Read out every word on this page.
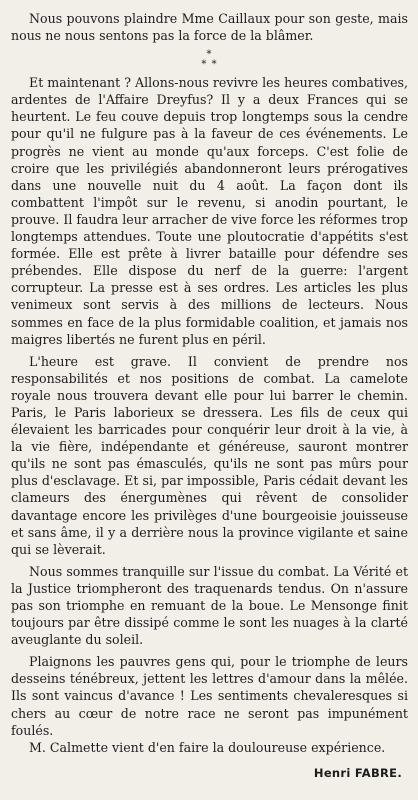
Nous pouvons plaindre Mme Caillaux pour son geste, mais nous ne nous sentons pas la force de la blâmer.

*
* *

Et maintenant ? Allons-nous revivre les heures combatives, ardentes de l'Affaire Dreyfus? Il y a deux Frances qui se heurtent. Le feu couve depuis trop longtemps sous la cendre pour qu'il ne fulgure pas à la faveur de ces événements. Le progrès ne vient au monde qu'aux forceps. C'est folie de croire que les privilégiés abandonneront leurs prérogatives dans une nouvelle nuit du 4 août. La façon dont ils combattent l'impôt sur le revenu, si anodin pourtant, le prouve. Il faudra leur arracher de vive force les réformes trop longtemps attendues. Toute une ploutocratie d'appétits s'est formée. Elle est prête à livrer bataille pour défendre ses prébendes. Elle dispose du nerf de la guerre: l'argent corrupteur. La presse est à ses ordres. Les articles les plus venimeux sont servis à des millions de lecteurs. Nous sommes en face de la plus formidable coalition, et jamais nos maigres libertés ne furent plus en péril.

L'heure est grave. Il convient de prendre nos responsabilités et nos positions de combat. La camelote royale nous trouvera devant elle pour lui barrer le chemin. Paris, le Paris laborieux se dressera. Les fils de ceux qui élevaient les barricades pour conquérir leur droit à la vie, à la vie fière, indépendante et généreuse, sauront montrer qu'ils ne sont pas émasculés, qu'ils ne sont pas mûrs pour plus d'esclavage. Et si, par impossible, Paris cédait devant les clameurs des énergumènes qui rêvent de consolider davantage encore les privilèges d'une bourgeoisie jouisseuse et sans âme, il y a derrière nous la province vigilante et saine qui se lèverait.

Nous sommes tranquille sur l'issue du combat. La Vérité et la Justice triompheront des traquenards tendus. On n'assure pas son triomphe en remuant de la boue. Le Mensonge finit toujours par être dissipé comme le sont les nuages à la clarté aveuglante du soleil.

Plaignons les pauvres gens qui, pour le triomphe de leurs desseins ténébreux, jettent les lettres d'amour dans la mêlée. Ils sont vaincus d'avance ! Les sentiments chevaleresques si chers au cœur de notre race ne seront pas impunément foulés.

M. Calmette vient d'en faire la douloureuse expérience.

Henri FABRE.
